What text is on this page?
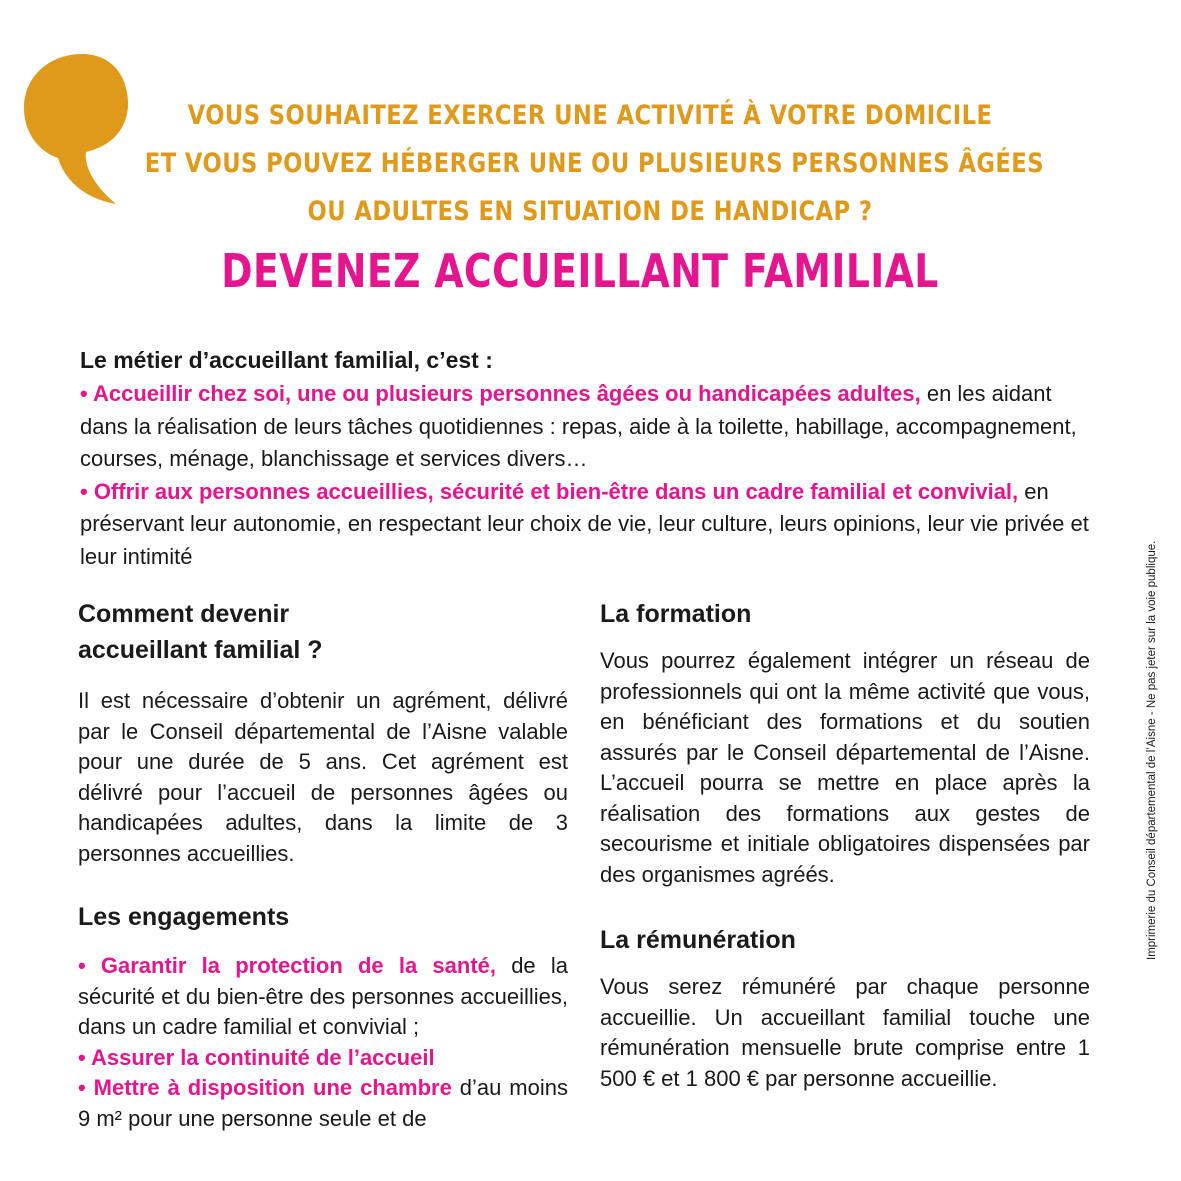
VOUS SOUHAITEZ EXERCER UNE ACTIVITÉ À VOTRE DOMICILE
ET VOUS POUVEZ HÉBERGER UNE OU PLUSIEURS PERSONNES ÂGÉES
OU ADULTES EN SITUATION DE HANDICAP ?
DEVENEZ ACCUEILLANT FAMILIAL
Le métier d’accueillant familial, c’est :
• Accueillir chez soi, une ou plusieurs personnes âgées ou handicapées adultes, en les aidant dans la réalisation de leurs tâches quotidiennes : repas, aide à la toilette, habillage, accompagnement, courses, ménage, blanchissage et services divers…
• Offrir aux personnes accueillies, sécurité et bien-être dans un cadre familial et convivial, en préservant leur autonomie, en respectant leur choix de vie, leur culture, leurs opinions, leur vie privée et leur intimité
Comment devenir
accueillant familial ?

Il est nécessaire d’obtenir un agrément, délivré par le Conseil départemental de l’Aisne valable pour une durée de 5 ans. Cet agrément est délivré pour l’accueil de personnes âgées ou handicapées adultes, dans la limite de 3 personnes accueillies.

Les engagements

• Garantir la protection de la santé, de la sécurité et du bien-être des personnes accueillies, dans un cadre familial et convivial ;

• Assurer la continuité de l’accueil

• Mettre à disposition une chambre d’au moins 9 m² pour une personne seule et de

La formation

Vous pourrez également intégrer un réseau de professionnels qui ont la même activité que vous, en bénéficiant des formations et du soutien assurés par le Conseil départemental de l’Aisne. L’accueil pourra se mettre en place après la réalisation des formations aux gestes de secourisme et initiale obligatoires dispensées par des organismes agréés.

La rémunération

Vous serez rémunéré par chaque personne accueillie. Un accueillant familial touche une rémunération mensuelle brute comprise entre 1 500 € et 1 800 € par personne accueillie.

Imprimerie du Conseil départemental de l’Aisne - Ne pas jeter sur la voie publique.
